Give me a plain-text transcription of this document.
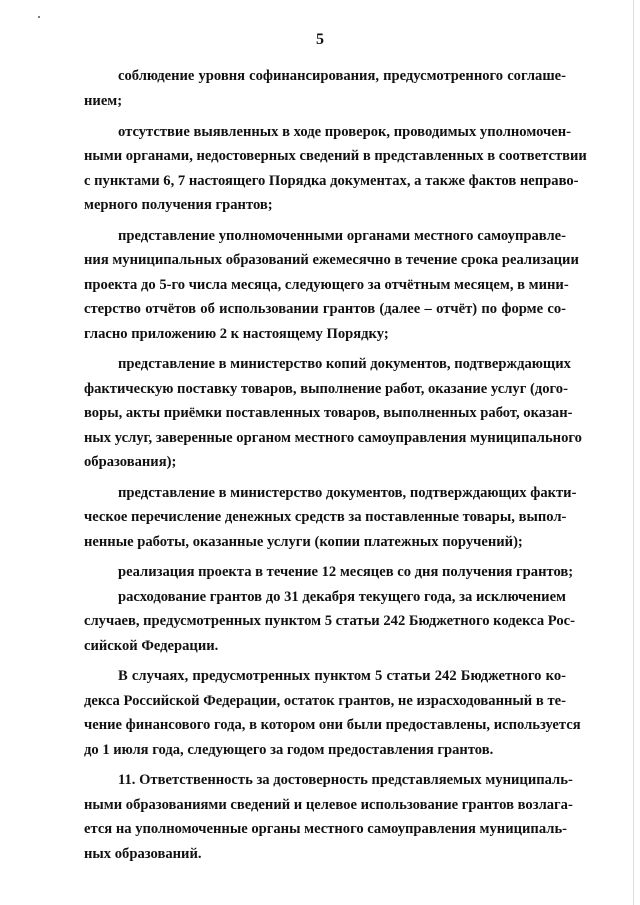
5
соблюдение уровня софинансирования, предусмотренного соглаше-
нием;
отсутствие выявленных в ходе проверок, проводимых уполномочен-
ными органами, недостоверных сведений в представленных в соответствии
с пунктами 6, 7 настоящего Порядка документах, а также фактов неправо-
мерного получения грантов;
представление уполномоченными органами местного самоуправле-
ния муниципальных образований ежемесячно в течение срока реализации
проекта до 5-го числа месяца, следующего за отчётным месяцем, в мини-
стерство отчётов об использовании грантов (далее – отчёт) по форме со-
гласно приложению 2 к настоящему Порядку;
представление в министерство копий документов, подтверждающих
фактическую поставку товаров, выполнение работ, оказание услуг (дого-
воры, акты приёмки поставленных товаров, выполненных работ, оказан-
ных услуг, заверенные органом местного самоуправления муниципального
образования);
представление в министерство документов, подтверждающих факти-
ческое перечисление денежных средств за поставленные товары, выпол-
ненные работы, оказанные услуги (копии платежных поручений);
реализация проекта в течение 12 месяцев со дня получения грантов;
расходование грантов до 31 декабря текущего года, за исключением
случаев, предусмотренных пунктом 5 статьи 242 Бюджетного кодекса Рос-
сийской Федерации.
В случаях, предусмотренных пунктом 5 статьи 242 Бюджетного ко-
декса Российской Федерации, остаток грантов, не израсходованный в те-
чение финансового года, в котором они были предоставлены, используется
до 1 июля года, следующего за годом предоставления грантов.
11. Ответственность за достоверность представляемых муниципаль-
ными образованиями сведений и целевое использование грантов возлага-
ется на уполномоченные органы местного самоуправления муниципаль-
ных образований.
